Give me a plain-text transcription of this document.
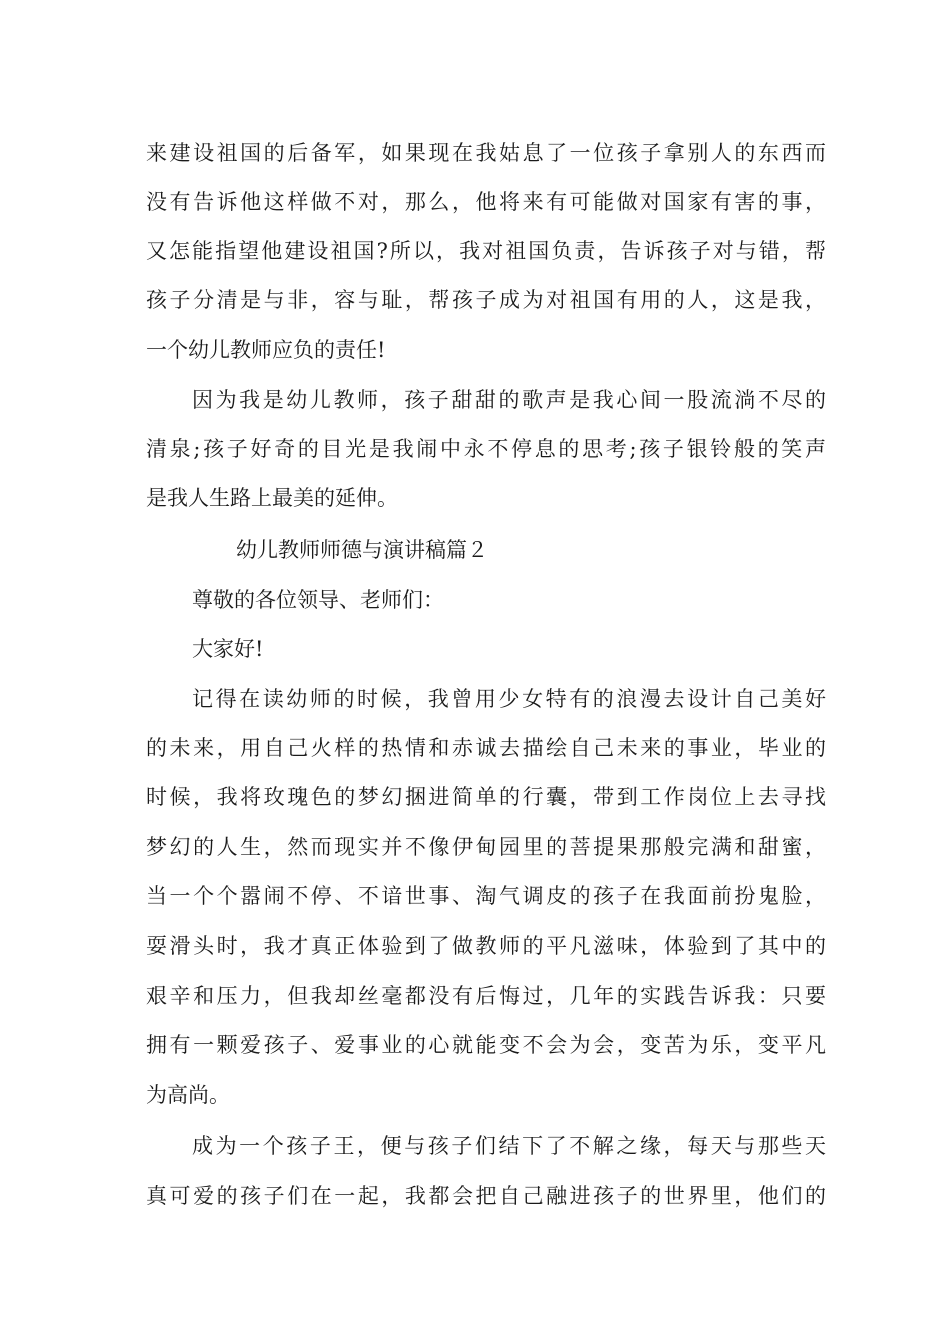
来建设祖国的后备军，如果现在我姑息了一位孩子拿别人的东西而
没有告诉他这样做不对，那么，他将来有可能做对国家有害的事，
又怎能指望他建设祖国?所以，我对祖国负责，告诉孩子对与错，帮
孩子分清是与非，容与耻，帮孩子成为对祖国有用的人，这是我，
一个幼儿教师应负的责任!
因为我是幼儿教师，孩子甜甜的歌声是我心间一股流淌不尽的
清泉;孩子好奇的目光是我闹中永不停息的思考;孩子银铃般的笑声
是我人生路上最美的延伸。
幼儿教师师德与演讲稿篇２
尊敬的各位领导、老师们：
大家好!
记得在读幼师的时候，我曾用少女特有的浪漫去设计自己美好
的未来，用自己火样的热情和赤诚去描绘自己未来的事业，毕业的
时候，我将玫瑰色的梦幻捆进简单的行囊，带到工作岗位上去寻找
梦幻的人生，然而现实并不像伊甸园里的菩提果那般完满和甜蜜，
当一个个嚣闹不停、不谙世事、淘气调皮的孩子在我面前扮鬼脸，
耍滑头时，我才真正体验到了做教师的平凡滋味，体验到了其中的
艰辛和压力，但我却丝毫都没有后悔过，几年的实践告诉我：只要
拥有一颗爱孩子、爱事业的心就能变不会为会，变苦为乐，变平凡
为高尚。
成为一个孩子王，便与孩子们结下了不解之缘，每天与那些天
真可爱的孩子们在一起，我都会把自己融进孩子的世界里，他们的
